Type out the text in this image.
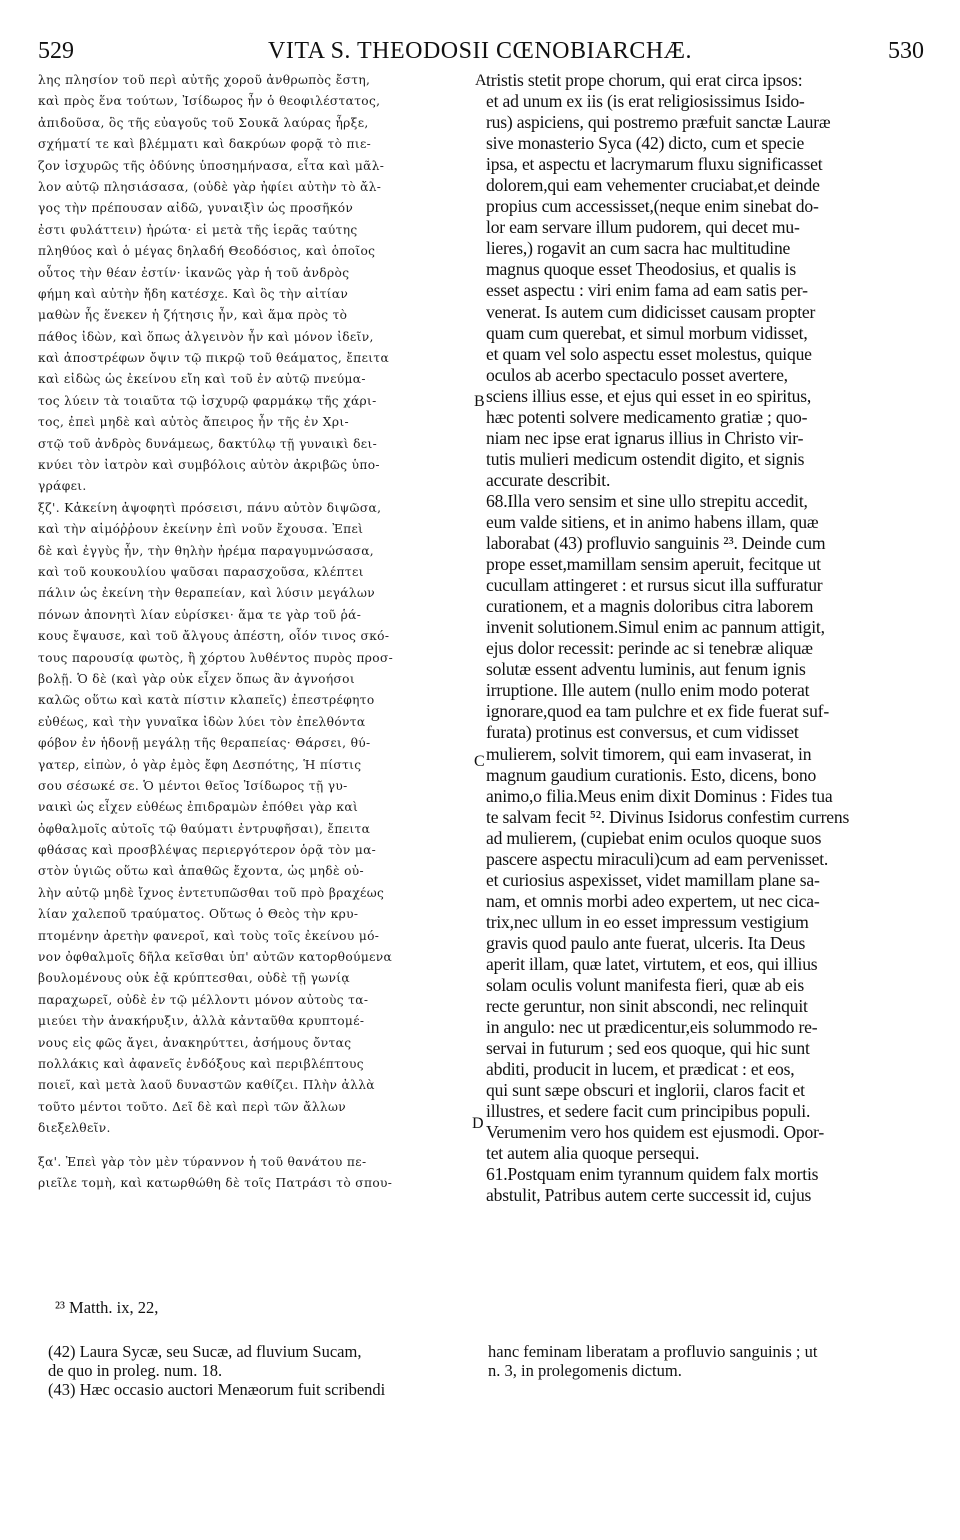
529	VITA S. THEODOSII CŒNOBIARCHÆ.	530
λης πλησίον τοῦ περὶ αὐτῆς χοροῦ ἀνθρωπὸς ἔστη,
καὶ πρὸς ἕνα τούτων, Ἰσίδωρος ἦν ὁ θεοφιλέστατος,
ἀπιδοῦσα, ὃς τῆς εὐαγοῦς τοῦ Σουκᾶ λαύρας ἦρξε,
σχήματί τε καὶ βλέμματι καὶ δακρύων φορᾷ τὸ πιε-
ζον ἰσχυρῶς τῆς ὀδύνης ὑποσημήνασα, εἶτα καὶ μᾶλ-
λον αὐτῷ πλησιάσασα, (οὐδὲ γὰρ ἠφίει αὐτὴν τὸ ἄλ-
γος τὴν πρέπουσαν αἰδῶ, γυναιξὶν ὡς προσῆκόν
ἐστι φυλάττειν) ἠρώτα· εἰ μετὰ τῆς ἱερᾶς ταύτης
πληθύος καὶ ὁ μέγας δηλαδή Θεοδόσιος, καὶ ὁποῖος
οὗτος τὴν θέαν ἐστίν· ἱκανῶς γὰρ ἡ τοῦ ἀνδρὸς
φήμη καὶ αὐτὴν ἤδη κατέσχε. Καὶ ὃς τὴν αἰτίαν
μαθὼν ἧς ἕνεκεν ἡ ζήτησις ἦν, καὶ ἅμα πρὸς τὸ
πάθος ἰδὼν, καὶ ὅπως ἀλγεινὸν ἦν καὶ μόνον ἰδεῖν,
καὶ ἀποστρέφων ὄψιν τῷ πικρῷ τοῦ θεάματος, ἔπειτα
καὶ εἰδὼς ὡς ἐκείνου εἴη καὶ τοῦ ἐν αὐτῷ πνεύμα-
τος λύειν τὰ τοιαῦτα τῷ ἰσχυρῷ φαρμάκῳ τῆς χάρι-
τος, ἐπεὶ μηδὲ καὶ αὐτὸς ἄπειρος ἦν τῆς ἐν Χρι-
στῷ τοῦ ἀνδρὸς δυνάμεως, δακτύλῳ τῇ γυναικὶ δει-
κνύει τὸν ἰατρὸν καὶ συμβόλοις αὐτὸν ἀκριβῶς ὑπο-
γράφει.
ξζ'. Κἀκείνη ἀψοφητὶ πρόσεισι, πάνυ αὐτὸν διψῶσα,
καὶ τὴν αἱμόῤῥουν ἐκείνην ἐπὶ νοῦν ἔχουσα. Ἐπεὶ
δὲ καὶ ἐγγὺς ἦν, τὴν θηλὴν ἠρέμα παραγυμνώσασα,
καὶ τοῦ κουκουλίου ψαῦσαι παρασχοῦσα, κλέπτει
πάλιν ὡς ἐκείνη τὴν θεραπείαν, καὶ λύσιν μεγάλων
πόνων ἀπονητὶ λίαν εὑρίσκει· ἅμα τε γὰρ τοῦ ῥά-
κους ἔψαυσε, καὶ τοῦ ἄλγους ἀπέστη, οἷόν τινος σκό-
τους παρουσίᾳ φωτὸς, ἢ χόρτου λυθέντος πυρὸς προσ-
βολῇ. Ὁ δὲ (καὶ γὰρ οὐκ εἶχεν ὅπως ἂν ἀγνοήσοι
καλῶς οὕτω καὶ κατὰ πίστιν κλαπεῖς) ἐπεστρέφητο
εὐθέως, καὶ τὴν γυναῖκα ἰδὼν λύει τὸν ἐπελθόντα
φόβον ἐν ἡδονῇ μεγάλῃ τῆς θεραπείας· Θάρσει, θύ-
γατερ, εἰπὼν, ὁ γὰρ ἐμὸς ἔφη Δεσπότης, Ἡ πίστις
σου σέσωκέ σε. Ὁ μέντοι θεῖος Ἰσίδωρος τῇ γυ-
ναικὶ ὡς εἶχεν εὐθέως ἐπιδραμὼν ἐπόθει γὰρ καὶ
ὀφθαλμοῖς αὐτοῖς τῷ θαύματι ἐντρυφῆσαι), ἔπειτα
φθάσας καὶ προσβλέψας περιεργότερον ὁρᾷ τὸν μα-
στὸν ὑγιῶς οὕτω καὶ ἀπαθῶς ἔχοντα, ὡς μηδὲ οὐ-
λὴν αὐτῷ μηδὲ ἴχνος ἐντετυπῶσθαι τοῦ πρὸ βραχέως
λίαν χαλεποῦ τραύματος. Οὕτως ὁ Θεὸς τὴν κρυ-
πτομένην ἀρετὴν φανεροῖ, καὶ τοὺς τοῖς ἐκείνου μό-
νον ὀφθαλμοῖς δῆλα κεῖσθαι ὑπ' αὐτῶν κατορθούμενα
βουλομένους οὐκ ἐᾷ κρύπτεσθαι, οὐδὲ τῇ γωνίᾳ
παραχωρεῖ, οὐδὲ ἐν τῷ μέλλοντι μόνον αὐτοὺς τα-
μιεύει τὴν ἀνακήρυξιν, ἀλλὰ κἀνταῦθα κρυπτομέ-
νους εἰς φῶς ἄγει, ἀνακηρύττει, ἀσήμους ὄντας
πολλάκις καὶ ἀφανεῖς ἐνδόξους καὶ περιβλέπτους
ποιεῖ, καὶ μετὰ λαοῦ δυναστῶν καθίζει. Πλὴν ἀλλὰ
τοῦτο μέντοι τοῦτο. Δεῖ δὲ καὶ περὶ τῶν ἄλλων
διεξελθεῖν.
ξα'. Ἐπεὶ γὰρ τὸν μὲν τύραννον ἡ τοῦ θανάτου πε-
ριεῖλε τομὴ, καὶ κατωρθώθη δὲ τοῖς Πατράσι τὸ σπου-
tristis stetit prope chorum, qui erat circa ipsos:
et ad unum ex iis (is erat religiosissimus Isido-
rus) aspiciens, qui postremo præfuit sanctæ Lauræ
sive monasterio Syca (42) dicto, cum et specie
ipsa, et aspectu et lacrymarum fluxu significasset
dolorem,qui eam vehementer cruciabat,et deinde
propius cum accessisset,(neque enim sinebat do-
lor eam servare illum pudorem, qui decet mu-
lieres,) rogavit an cum sacra hac multitudine
magnus quoque esset Theodosius, et qualis is
esset aspectu : viri enim fama ad eam satis per-
venerat. Is autem cum didicisset causam propter
quam cum querebat, et simul morbum vidisset,
et quam vel solo aspectu esset molestus, quique
oculos ab acerbo spectaculo posset avertere,
sciens illius esse, et ejus qui esset in eo spiritus,
hæc potenti solvere medicamento gratiæ ; quo-
niam nec ipse erat ignarus illius in Christo vir-
tutis mulieri medicum ostendit digito, et signis
accurate describit.
68.Illa vero sensim et sine ullo strepitu accedit,
eum valde sitiens, et in animo habens illam, quæ
laborabat (43) profluvio sanguinis ²³. Deinde cum
prope esset,mamillam sensim aperuit, fecitque ut
cucullam attingeret : et rursus sicut illa suffuratur
curationem, et a magnis doloribus citra laborem
invenit solutionem.Simul enim ac pannum attigit,
ejus dolor recessit: perinde ac si tenebræ aliquæ
solutæ essent adventu luminis, aut fenum ignis
irruptione. Ille autem (nullo enim modo poterat
ignorare,quod ea tam pulchre et ex fide fuerat suf-
furata) protinus est conversus, et cum vidisset
mulierem, solvit timorem, qui eam invaserat, in
magnum gaudium curationis. Esto, dicens, bono
animo,o filia.Meus enim dixit Dominus : Fides tua
te salvam fecit ⁵². Divinus Isidorus confestim currens
ad mulierem, (cupiebat enim oculos quoque suos
pascere aspectu miraculi)cum ad eam pervenisset.
et curiosius aspexisset, videt mamillam plane sa-
nam, et omnis morbi adeo expertem, ut nec cica-
trix,nec ullum in eo esset impressum vestigium
gravis quod paulo ante fuerat, ulceris. Ita Deus
aperit illam, quæ latet, virtutem, et eos, qui illius
solam oculis volunt manifesta fieri, quæ ab eis
recte geruntur, non sinit abscondi, nec relinquit
in angulo: nec ut prædicentur,eis solummodo re-
servai in futurum ; sed eos quoque, qui hic sunt
abditi, producit in lucem, et prædicat : et eos,
qui sunt sæpe obscuri et inglorii, claros facit et
illustres, et sedere facit cum principibus populi.
Verumenim vero hos quidem est ejusmodi. Opor-
tet autem alia quoque persequi.
61.Postquam enim tyrannum quidem falx mortis
abstulit, Patribus autem certe successit id, cujus
A
B
C
D
²³ Matth. ix, 22,
(42) Laura Sycæ, seu Sucæ, ad fluvium Sucam,
de quo in proleg. num. 18.
(43) Hæc occasio auctori Menæorum fuit scribendi
hanc feminam liberatam a profluvio sanguinis ; ut
n. 3, in prolegomenis dictum.
